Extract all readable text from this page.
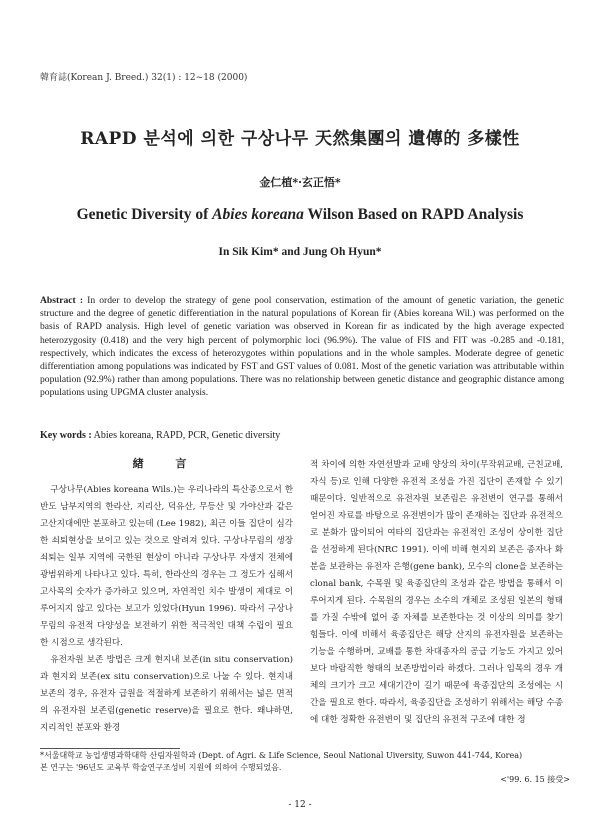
韓育誌(Korean J. Breed.) 32(1) : 12~18 (2000)
RAPD 분석에 의한 구상나무 天然集團의 遺傳的 多樣性
金仁植*·玄正悟*
Genetic Diversity of Abies koreana Wilson Based on RAPD Analysis
In Sik Kim* and Jung Oh Hyun*
Abstract : In order to develop the strategy of gene pool conservation, estimation of the amount of genetic variation, the genetic structure and the degree of genetic differentiation in the natural populations of Korean fir (Abies koreana Wil.) was performed on the basis of RAPD analysis. High level of genetic variation was observed in Korean fir as indicated by the high average expected heterozygosity (0.418) and the very high percent of polymorphic loci (96.9%). The value of FIS and FIT was -0.285 and -0.181, respectively, which indicates the excess of heterozygotes within populations and in the whole samples. Moderate degree of genetic differentiation among populations was indicated by FST and GST values of 0.081. Most of the genetic variation was attributable within population (92.9%) rather than among populations. There was no relationship between genetic distance and geographic distance among populations using UPGMA cluster analysis.
Key words : Abies koreana, RAPD, PCR, Genetic diversity
緖 言

구상나무(Abies koreana Wils.)는 우리나라의 특산종으로서 한반도 남부지역의 한라산, 지리산, 덕유산, 무등산 및 가야산과 같은 고산지대에만 분포하고 있는데 (Lee 1982), 최근 이들 집단이 심각한 쇠퇴현상을 보이고 있는 것으로 알려져 있다. 구상나무림의 생장쇠퇴는 일부 지역에 국한된 현상이 아니라 구상나무 자생지 전체에 광범위하게 나타나고 있다. 특히, 한라산의 경우는 그 정도가 심해서 고사목의 숫자가 증가하고 있으며, 자연적인 치수 발생이 제대로 이루어지지 않고 있다는 보고가 있었다(Hyun 1996). 따라서 구상나무림의 유전적 다양성을 보전하기 위한 적극적인 대책 수립이 필요한 시점으로 생각된다.

유전자원 보존 방법은 크게 현지내 보존(in situ conservation)과 현지외 보존(ex situ conservation)으로 나눌 수 있다. 현지내 보존의 경우, 유전자 급원을 적절하게 보존하기 위해서는 넓은 면적의 유전자원 보존림(genetic reserve)을 필요로 한다. 왜냐하면, 지리적인 분포와 환경

적 차이에 의한 자연선발과 교배 양상의 차이(무작위교배, 근친교배, 자식 등)로 인해 다양한 유전적 조성을 가진 집단이 존재할 수 있기 때문이다. 일반적으로 유전자원 보존림은 유전변이 연구를 통해서 얻어진 자료를 바탕으로 유전변이가 많이 존재하는 집단과 유전적으로 분화가 많이되어 여타의 집단과는 유전적인 조성이 상이한 집단을 선정하게 된다(NRC 1991). 이에 비해 현지외 보존은 종자나 화분을 보관하는 유전자 은행(gene bank), 모수의 clone을 보존하는 clonal bank, 수목원 및 육종집단의 조성과 같은 방법을 통해서 이루어지게 된다. 수목원의 경우는 소수의 개체로 조성된 일본의 형태를 가질 수밖에 없어 종 자체를 보존한다는 것 이상의 의미를 찾기 힘들다. 이에 비해서 육종집단은 해당 산지의 유전자원을 보존하는 기능을 수행하며, 교배를 통한 차대종자의 공급 기능도 가지고 있어 보다 바람직한 형태의 보존방법이라 하겠다. 그러나 임목의 경우 개체의 크기가 크고 세대기간이 길기 때문에 육종집단의 조성에는 시간을 필요로 한다. 따라서, 육종집단을 조성하기 위해서는 해당 수종에 대한 정확한 유전변이 및 집단의 유전적 구조에 대한 정

*서울대학교 농업생명과학대학 산림자원학과 (Dept. of Agri. & Life Science, Seoul National Uiversity, Suwon 441-744, Korea)
본 연구는 '96년도 교육부 학술연구조성비 지원에 의하여 수행되었음.
<'99. 6. 15 接受>
- 12 -
